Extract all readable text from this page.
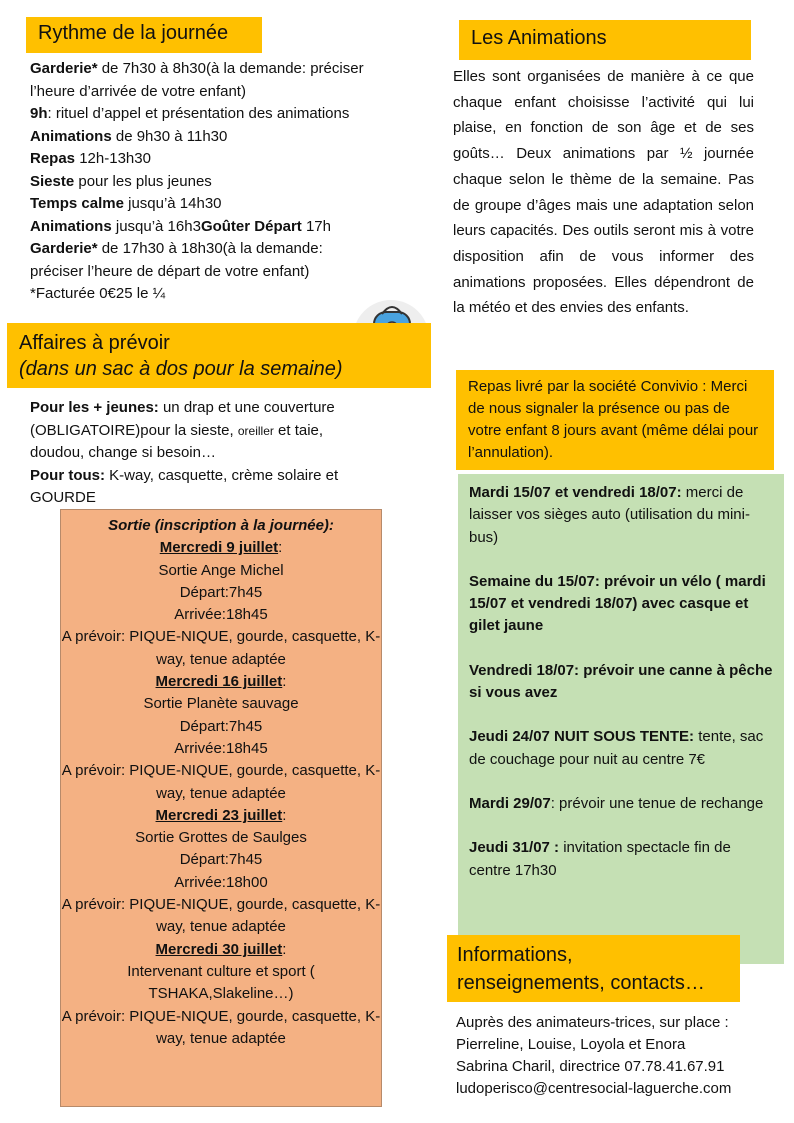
Rythme de la journée

Garderie* de 7h30 à 8h30(à la demande: préciser l’heure d’arrivée de votre enfant)

9h: rituel d’appel et présentation des animations

Animations de 9h30 à 11h30

Repas 12h-13h30

Sieste pour les plus jeunes

Temps calme jusqu’à 14h30

Animations jusqu’à 16h3Goûter Départ 17h

Garderie* de 17h30 à 18h30(à la demande: préciser l’heure de départ de votre enfant)

*Facturée 0€25 le ¼

Affaires à prévoir
(dans un sac à dos pour la semaine)

Pour les + jeunes: un drap et une couverture (OBLIGATOIRE)pour la sieste, oreiller et taie, doudou, change si besoin…

Pour tous: K-way, casquette, crème solaire et GOURDE

Sortie (inscription à la journée):

Mercredi 9 juillet

:

Sortie Ange Michel

Départ:7h45

Arrivée:18h45

A prévoir: PIQUE-NIQUE, gourde, casquette, K-way, tenue adaptée

Mercredi 16 juillet

:

Sortie Planète sauvage

Départ:7h45

Arrivée:18h45

A prévoir: PIQUE-NIQUE, gourde, casquette, K-way, tenue adaptée

Mercredi 23 juillet

:

Sortie Grottes de Saulges

Départ:7h45

Arrivée:18h00

A prévoir: PIQUE-NIQUE, gourde, casquette, K-way, tenue adaptée

Mercredi 30 juillet

:

Intervenant culture et sport ( TSHAKA,Slakeline…)

A prévoir: PIQUE-NIQUE, gourde, casquette, K-way, tenue adaptée

Les Animations
Elles sont organisées de manière à ce que chaque enfant choisisse l’activité qui lui plaise, en fonction de son âge et de ses goûts… Deux animations par ½ journée chaque selon le thème de la semaine. Pas de groupe d’âges mais une adaptation selon leurs capacités. Des outils seront mis à votre disposition afin de vous informer des animations proposées. Elles dépendront de la météo et des envies des enfants.
Repas livré par la société Convivio : Merci de nous signaler la présence ou pas de votre enfant 8 jours avant (même délai pour l’annulation).

Mardi 15/07 et vendredi 18/07: merci de laisser vos sièges auto (utilisation du mini-bus)

Semaine du 15/07: prévoir un vélo ( mardi 15/07 et vendredi 18/07) avec casque et gilet jaune

Vendredi 18/07: prévoir une canne à pêche si vous avez

Jeudi 24/07 NUIT SOUS TENTE: tente, sac de couchage pour nuit au centre 7€

Mardi 29/07: prévoir une tenue de rechange

Jeudi 31/07 : invitation spectacle fin de centre 17h30

Informations,
renseignements, contacts…

Auprès des animateurs-trices, sur place :

Pierreline, Louise, Loyola et Enora

Sabrina Charil, directrice 07.78.41.67.91

ludoperisco@centresocial-laguerche.com
